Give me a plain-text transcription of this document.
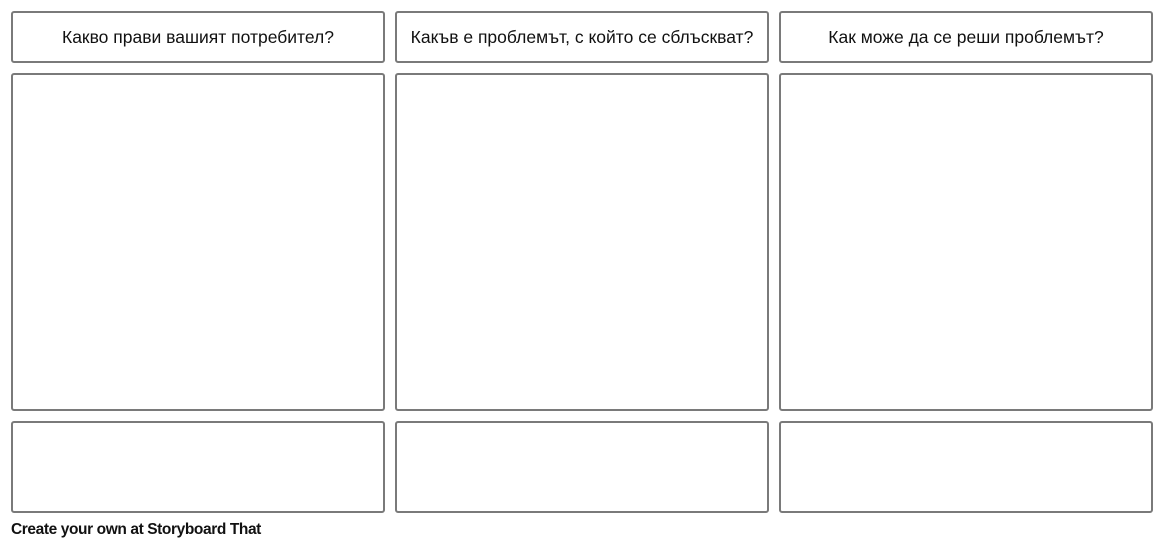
Какво прави вашият потребител?	Какъв е проблемът, с който се сблъскват?	Как може да се реши проблемът?
Create your own at Storyboard That
